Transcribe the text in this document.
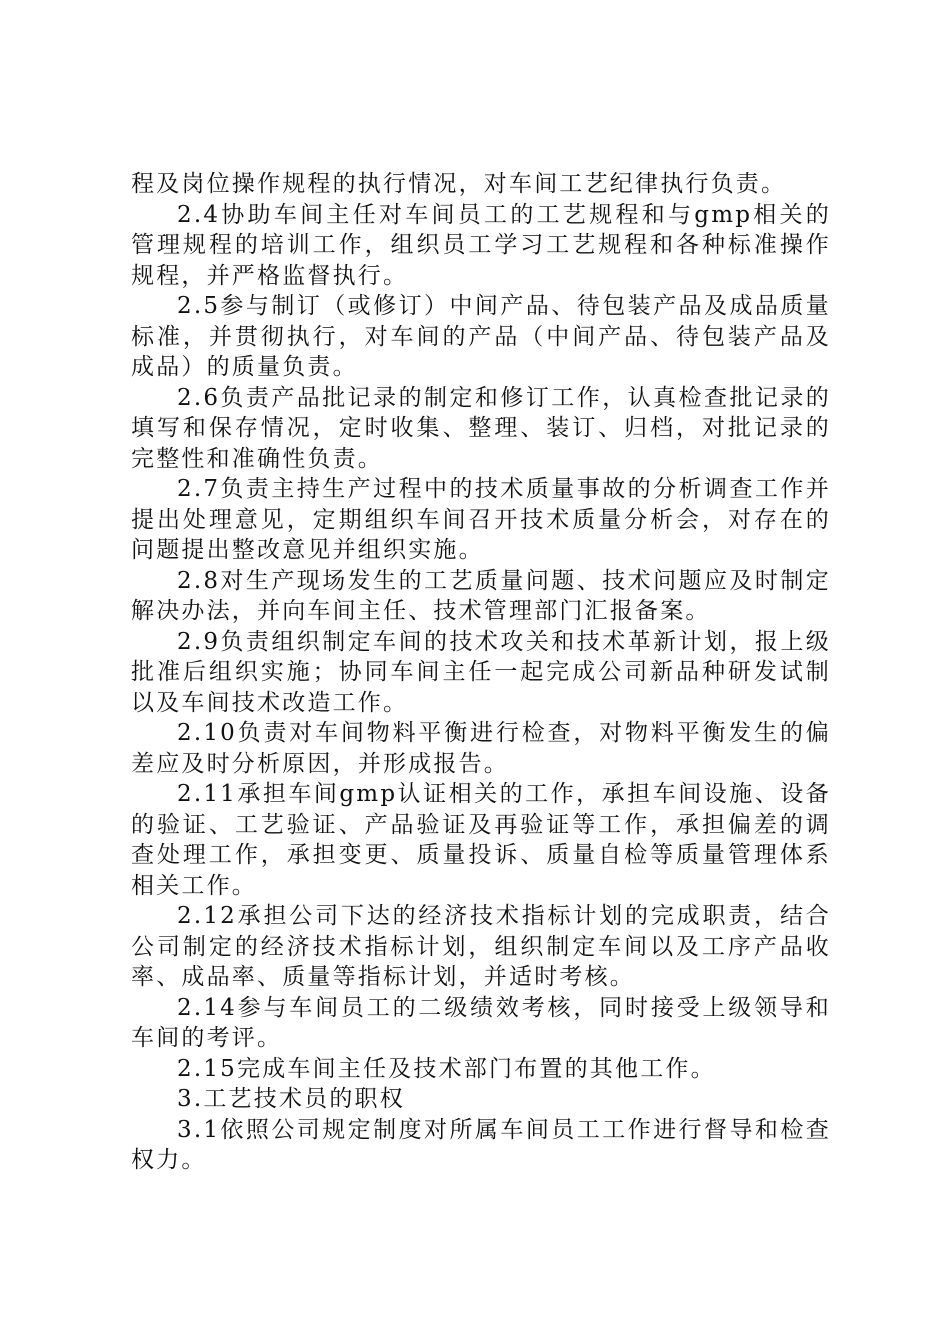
程及岗位操作规程的执行情况，对车间工艺纪律执行负责。

2.4协助车间主任对车间员工的工艺规程和与gmp相关的管理规程的培训工作，组织员工学习工艺规程和各种标准操作规程，并严格监督执行。

2.5参与制订（或修订）中间产品、待包装产品及成品质量标准，并贯彻执行，对车间的产品（中间产品、待包装产品及成品）的质量负责。

2.6负责产品批记录的制定和修订工作，认真检查批记录的填写和保存情况，定时收集、整理、装订、归档，对批记录的完整性和准确性负责。

2.7负责主持生产过程中的技术质量事故的分析调查工作并提出处理意见，定期组织车间召开技术质量分析会，对存在的问题提出整改意见并组织实施。

2.8对生产现场发生的工艺质量问题、技术问题应及时制定解决办法，并向车间主任、技术管理部门汇报备案。

2.9负责组织制定车间的技术攻关和技术革新计划，报上级批准后组织实施；协同车间主任一起完成公司新品种研发试制以及车间技术改造工作。

2.10负责对车间物料平衡进行检查，对物料平衡发生的偏差应及时分析原因，并形成报告。

2.11承担车间gmp认证相关的工作，承担车间设施、设备的验证、工艺验证、产品验证及再验证等工作，承担偏差的调查处理工作，承担变更、质量投诉、质量自检等质量管理体系相关工作。

2.12承担公司下达的经济技术指标计划的完成职责，结合公司制定的经济技术指标计划，组织制定车间以及工序产品收率、成品率、质量等指标计划，并适时考核。

2.14参与车间员工的二级绩效考核，同时接受上级领导和车间的考评。

2.15完成车间主任及技术部门布置的其他工作。

3.工艺技术员的职权

3.1依照公司规定制度对所属车间员工工作进行督导和检查权力。
